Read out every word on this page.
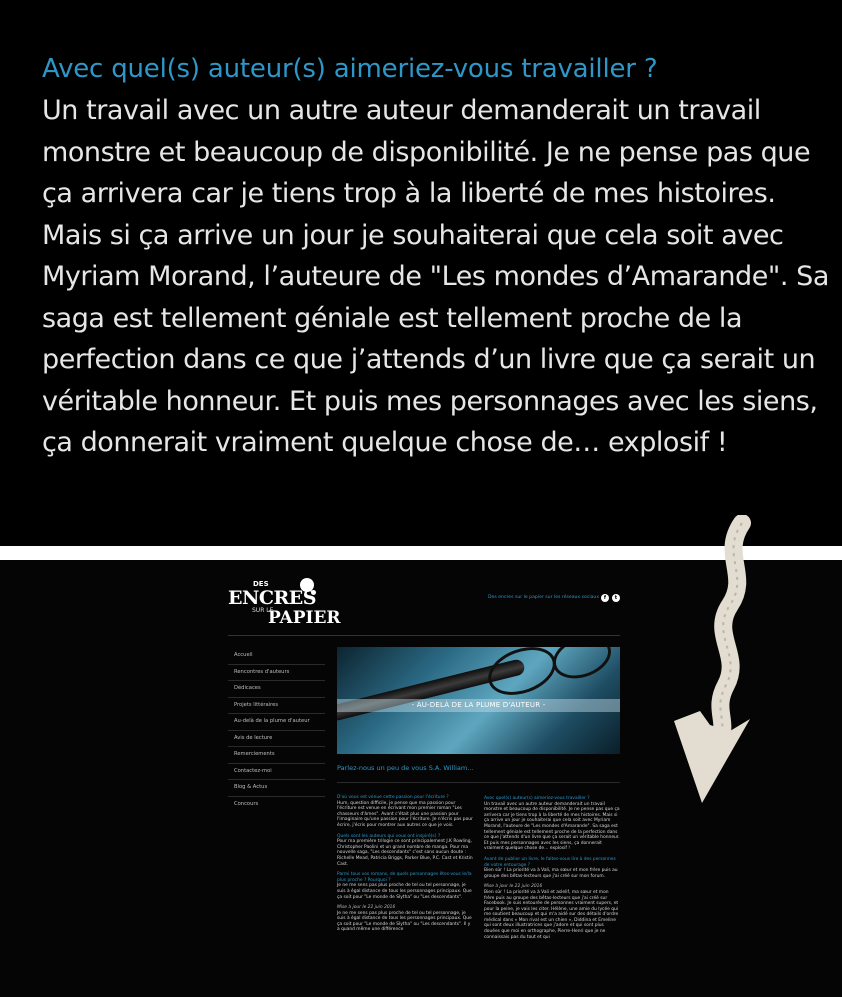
Avec quel(s) auteur(s) aimeriez-vous travailler ?
Un travail avec un autre auteur demanderait un travail monstre et beaucoup de disponibilité. Je ne pense pas que ça arrivera car je tiens trop à la liberté de mes histoires. Mais si ça arrive un jour je souhaiterai que cela soit avec Myriam Morand, l’auteure de "Les mondes d’Amarande". Sa saga est tellement géniale est tellement proche de la perfection dans ce que j’attends d’un livre que ça serait un véritable honneur. Et puis mes personnages avec les siens, ça donnerait vraiment quelque chose de… explosif !
DES
ENCRES
SUR LE
PAPIER
Des encres sur le papier sur les réseaux sociaux f	t
Accueil
Rencontres d'auteurs
Dédicaces
Projets littéraires
Au-delà de la plume d'auteur
Avis de lecture
Remerciements
Contactez-moi
Blog & Actus
Concours
- AU-DELÀ DE LA PLUME D'AUTEUR -
Parlez-nous un peu de vous S.A. William...
D'où vous est venue cette passion pour l'écriture ?
Hum, question difficile, je pense que ma passion pour l'écriture est venue en écrivant mon premier roman "Les chasseurs d'âmes". Avant c'était plus une passion pour l'imaginaire qu'une passion pour l'écriture. Je n'écris pas pour écrire, j'écris pour montrer aux autres ce que je vois.
Quels sont les auteurs qui vous ont inspiré(s) ?
Pour ma première trilogie ce sont principalement J.K Rowling, Christopher Paolini et un grand nombre de manga. Pour ma nouvelle saga, "Les descendants" c'est sans aucun doute : Richelle Mead, Patricia Briggs, Parker Blue, P.C. Cast et Kristin Cast.
Parmi tous vos romans, de quels personnages êtes-vous le/la plus proche ? Pourquoi ?
Je ne me sens pas plus proche de tel ou tel personnage, je suis à égal distance de tous les personnages principaux. Que ça soit pour "Le monde de Slytha" ou "Les descendants".
Mise à jour le 22 juin 2016
Je ne me sens pas plus proche de tel ou tel personnage, je suis à égal distance de tous les personnages principaux. Que ça soit pour "Le monde de Slytha" ou "Les descendants". Il y a quand même une différence
Avec quel(s) auteur(s) aimeriez-vous travailler ?
Un travail avec un autre auteur demanderait un travail monstre et beaucoup de disponibilité. Je ne pense pas que ça arrivera car je tiens trop à la liberté de mes histoires. Mais si ça arrive un jour je souhaiterai que cela soit avec Myriam Morand, l'auteure de "Les mondes d'Amarande". Sa saga est tellement géniale est tellement proche de la perfection dans ce que j'attends d'un livre que ça serait un véritable honneur. Et puis mes personnages avec les siens, ça donnerait vraiment quelque chose de… explosif !
Avant de publier un livre, le faites-vous lire à des personnes de votre entourage ?
Bien sûr ! La priorité va à Vali, ma sœur et mon frère puis au groupe des bêtas-lecteurs que j'ai créé sur mon forum.
Mise à jour le 22 juin 2016
Bien sûr ! La priorité va à Vali et aslelif, ma sœur et mon frère puis au groupe des bêtas-lecteurs que j'ai créé sur Facebook. Je suis entourée de personnes vraiment supers, et pour la peine, je vais les citer. Hélène, une amie du lycée qui me soutient beaucoup et qui m'a aidé sur des détails d'ordre médical dans « Mon rival est un chien », Diddina et Emeline qui sont deux illustratrices que j'adore et qui sont plus douées que moi en orthographe, Pierre-Henri que je ne connaissais pas du tout et qui
